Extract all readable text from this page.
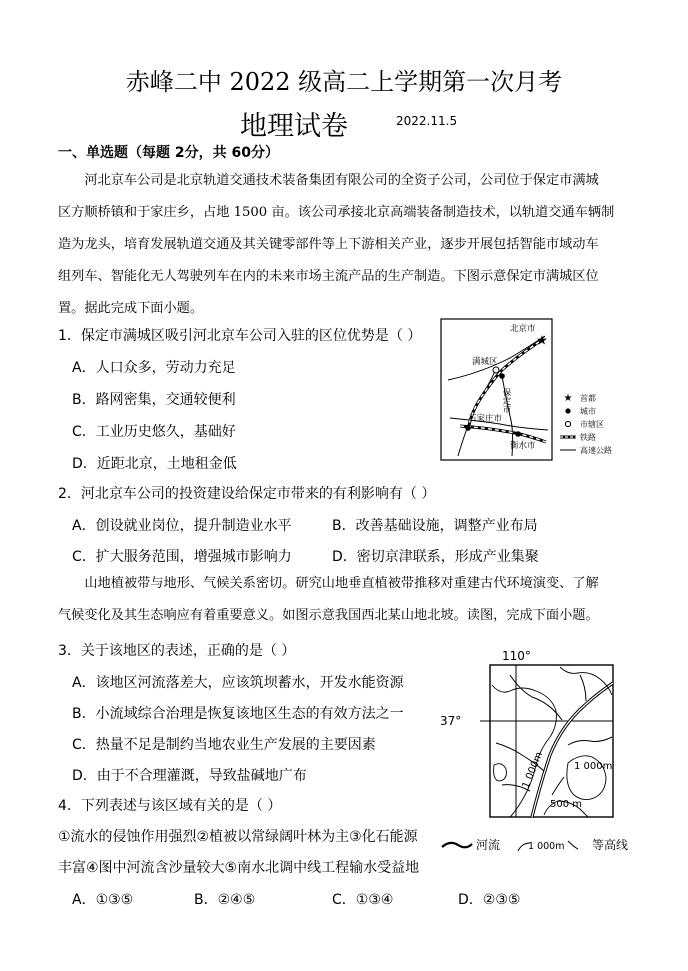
赤峰二中 2022 级高二上学期第一次月考
地理试卷	2022.11.5
一、单选题（每题 2分，共 60分）
河北京车公司是北京轨道交通技术装备集团有限公司的全资子公司，公司位于保定市满城
区方顺桥镇和于家庄乡，占地 1500 亩。该公司承接北京高端装备制造技术，以轨道交通车辆制
造为龙头，培育发展轨道交通及其关键零部件等上下游相关产业，逐步开展包括智能市域动车
组列车、智能化无人驾驶列车在内的未来市场主流产品的生产制造。下图示意保定市满城区位
置。据此完成下面小题。
1．保定市满城区吸引河北京车公司入驻的区位优势是（ ）
A．人口众多，劳动力充足
B．路网密集，交通较便利
C．工业历史悠久，基础好
D．近距北京，土地租金低
★
北京市
满城区
保定市
石家庄市
衡水市
★ 首都
城市
市辖区
铁路
高速公路
2．河北京车公司的投资建设给保定市带来的有利影响有（ ）
A．创设就业岗位，提升制造业水平	B．改善基础设施，调整产业布局
C．扩大服务范围，增强城市影响力	D．密切京津联系，形成产业集聚
山地植被带与地形、气候关系密切。研究山地垂直植被带推移对重建古代环境演变、了解
气候变化及其生态响应有着重要意义。如图示意我国西北某山地北坡。读图，完成下面小题。
3．关于该地区的表述，正确的是（ ）
A．该地区河流落差大，应该筑坝蓄水，开发水能资源
B．小流域综合治理是恢复该地区生态的有效方法之一
C．热量不足是制约当地农业生产发展的主要因素
D．由于不合理灌溉，导致盐碱地广布
110°
37°
1 000m	1 000m
500 m
河流	1 000m 等高线
4．下列表述与该区域有关的是（ ）
①流水的侵蚀作用强烈②植被以常绿阔叶林为主③化石能源
丰富④图中河流含沙量较大⑤南水北调中线工程输水受益地
A．①③⑤	B．②④⑤	C．①③④	D．②③⑤
